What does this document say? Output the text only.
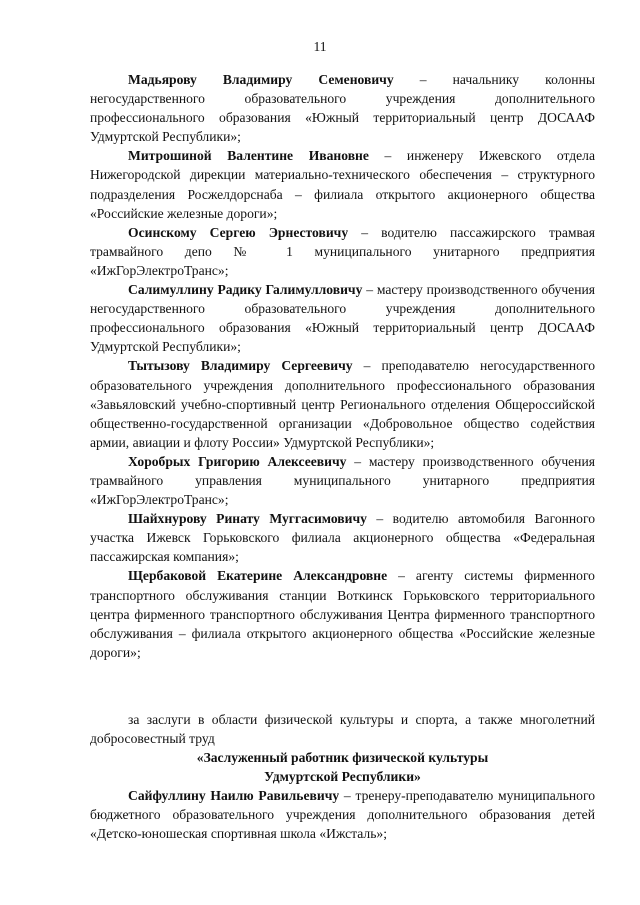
11

Мадьярову Владимиру Семеновичу – начальнику колонны негосударственного образовательного учреждения дополнительного профессионального образования «Южный территориальный центр ДОСААФ Удмуртской Республики»;

Митрошиной Валентине Ивановне – инженеру Ижевского отдела Нижегородской дирекции материально-технического обеспечения – структурного подразделения Росжелдорснаба – филиала открытого акционерного общества «Российские железные дороги»;

Осинскому Сергею Эрнестовичу – водителю пассажирского трамвая трамвайного депо № 1 муниципального унитарного предприятия «ИжГорЭлектроТранс»;

Салимуллину Радику Галимулловичу – мастеру производственного обучения негосударственного образовательного учреждения дополнительного профессионального образования «Южный территориальный центр ДОСААФ Удмуртской Республики»;

Тытызову Владимиру Сергеевичу – преподавателю негосударственного образовательного учреждения дополнительного профессионального образования «Завьяловский учебно-спортивный центр Регионального отделения Общероссийской общественно-государственной организации «Добровольное общество содействия армии, авиации и флоту России» Удмуртской Республики»;

Хоробрых Григорию Алексеевичу – мастеру производственного обучения трамвайного управления муниципального унитарного предприятия «ИжГорЭлектроТранс»;

Шайхнурову Ринату Муггасимовичу – водителю автомобиля Вагонного участка Ижевск Горьковского филиала акционерного общества «Федеральная пассажирская компания»;

Щербаковой Екатерине Александровне – агенту системы фирменного транспортного обслуживания станции Воткинск Горьковского территориального центра фирменного транспортного обслуживания Центра фирменного транспортного обслуживания – филиала открытого акционерного общества «Российские железные дороги»;

за заслуги в области физической культуры и спорта, а также многолетний добросовестный труд

«Заслуженный работник физической культуры

Удмуртской Республики»

Сайфуллину Наилю Равильевичу – тренеру-преподавателю муниципального бюджетного образовательного учреждения дополнительного образования детей «Детско-юношеская спортивная школа «Ижсталь»;
